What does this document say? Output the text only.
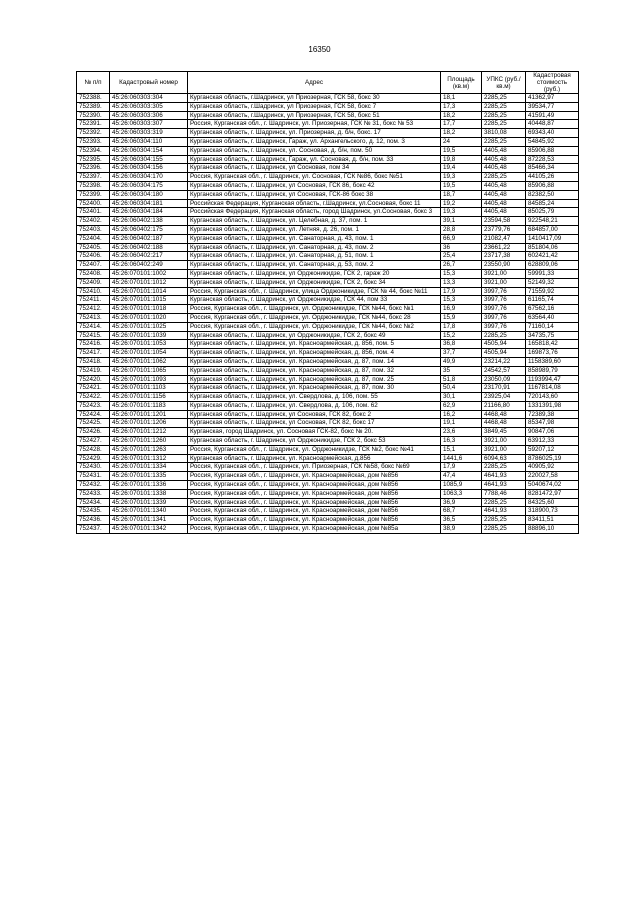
16350
№ п/п	Кадастровый номер	Адрес	Площадь (кв.м)	УПКС (руб./кв.м)	Кадастровая стоимость (руб.)
752388.	45:26:060303:304	Курганская область, г.Шадринск, ул Приозерная, ГСК 58, бокс 30	18,1	2285,25	41362,97
752389.	45:26:060303:305	Курганская область, г.Шадринск, ул Приозерная, ГСК 58, бокс 7	17,3	2285,25	39534,77
752390.	45:26:060303:306	Курганская область, г.Шадринск, ул Приозерная, ГСК 58, бокс 51	18,2	2285,25	41591,49
752391.	45:26:060303:307	Россия, Курганская обл., г. Шадринск, ул. Приозерная, ГСК № 31, бокс № 53	17,7	2285,25	40448,87
752392.	45:26:060303:319	Курганская область, г. Шадринск, ул. Приозерная, д. б/н, бокс. 17	18,2	3810,08	69343,40
752393.	45:26:060304:110	Курганская область, г. Шадринск, Гараж, ул. Архангельского, д. 12, пом. 3	24	2285,25	54845,92
752394.	45:26:060304:154	Курганская область, г. Шадринск, ул. Сосновая, д. б/н, пом. 50	19,5	4405,48	85906,88
752395.	45:26:060304:155	Курганская область, г. Шадринск, Гараж, ул. Сосновая, д. б/н, пом. 33	19,8	4405,48	87228,53
752396.	45:26:060304:156	Курганская область, г. Шадринск, ул Сосновая, пом 34	19,4	4405,48	85466,34
752397.	45:26:060304:170	Россия, Курганская обл., г. Шадринск, ул. Сосновая, ГСК №86, бокс №51	19,3	2285,25	44105,26
752398.	45:26:060304:175	Курганская область, г. Шадринск, ул Сосновая, ГСК 86, бокс 42	19,5	4405,48	85906,88
752399.	45:26:060304:180	Курганская область, г. Шадринск, ул Сосновая, ГСК-86 бокс 38	18,7	4405,48	82382,50
752400.	45:26:060304:181	Российская Федерация, Курганская область, г.Шадринск, ул.Сосновая, бокс 11	19,2	4405,48	84585,24
752401.	45:26:060304:184	Российская Федерация, Курганская область, город Шадринск, ул.Сосновая, бокс 3	19,3	4405,48	85025,79
752402.	45:26:060402:138	Курганская область, г. Шадринск, ул. Целебная, д. 37, пом. 1	39,1	23594,58	922548,21
752403.	45:26:060402:175	Курганская область, г. Шадринск, ул. Летняя, д. 26, пом. 1	28,8	23779,76	684857,00
752404.	45:26:060402:187	Курганская область, г. Шадринск, ул. Санаторная, д. 43, пом. 1	66,9	21082,47	1410417,09
752405.	45:26:060402:188	Курганская область, г. Шадринск, ул. Санаторная, д. 43, пом. 2	36	23661,22	851804,06
752406.	45:26:060402:217	Курганская область, г. Шадринск, ул. Санаторная, д. 51, пом. 1	25,4	23717,38	602421,42
752407.	45:26:060402:249	Курганская область, г. Шадринск, ул. Санаторная, д. 53, пом. 2	26,7	23550,90	628809,06
752408.	45:26:070101:1002	Курганская область, г. Шадринск, ул Орджоникидзе, ГСК 2, гараж 20	15,3	3921,00	59991,33
752409.	45:26:070101:1012	Курганская область, г. Шадринск, ул Орджоникидзе, ГСК 2, бокс 34	13,3	3921,00	52149,32
752410.	45:26:070101:1014	Россия, Курганская обл., г. Шадринск, улица Орджоникидзе, ГСК № 44, бокс №11	17,9	3997,76	71559,92
752411.	45:26:070101:1015	Курганская область, г. Шадринск, ул Орджоникидзе, ГСК 44, пом 33	15,3	3997,76	61165,74
752412.	45:26:070101:1018	Россия, Курганская обл., г. Шадринск, ул. Орджоникидзе, ГСК №44, бокс №1	16,9	3997,76	67562,16
752413.	45:26:070101:1020	Россия, Курганская обл., г. Шадринск, ул. Орджоникидзе, ГСК №44, бокс 28	15,9	3997,76	63564,40
752414.	45:26:070101:1025	Россия, Курганская обл., г. Шадринск, ул. Орджоникидзе, ГСК №44, бокс №2	17,8	3997,76	71160,14
752415.	45:26:070101:1039	Курганская область, г. Шадринск, ул Орджоникидзе, ГСК 2, бокс 49	15,2	2285,25	34735,75
752416.	45:26:070101:1053	Курганская область, г. Шадринск, ул. Красноармейская, д. 856, пом. 5	36,8	4505,94	165818,42
752417.	45:26:070101:1054	Курганская область, г. Шадринск, ул. Красноармейская, д. 856, пом. 4	37,7	4505,94	169873,76
752418.	45:26:070101:1062	Курганская область, г. Шадринск, ул. Красноармейская, д. 87, пом. 14	49,9	23214,22	1158389,60
752419.	45:26:070101:1065	Курганская область, г. Шадринск, ул. Красноармейская, д. 87, пом. 32	35	24542,57	858989,79
752420.	45:26:070101:1093	Курганская область, г. Шадринск, ул. Красноармейская, д. 87, пом. 25	51,8	23050,09	1193994,47
752421.	45:26:070101:1103	Курганская область, г. Шадринск, ул. Красноармейская, д. 87, пом. 30	50,4	23170,91	1167814,08
752422.	45:26:070101:1156	Курганская область, г. Шадринск, ул. Свердлова, д. 106, пом. 55	30,1	23925,04	720143,60
752423.	45:26:070101:1183	Курганская область, г. Шадринск, ул. Свердлова, д. 106, пом. 62	62,9	21166,80	1331391,98
752424.	45:26:070101:1201	Курганская область, г. Шадринск, ул Сосновая, ГСК 82, бокс 2	16,2	4468,48	72389,38
752425.	45:26:070101:1206	Курганская область, г. Шадринск, ул Сосновая, ГСК 82, бокс 17	19,1	4468,48	85347,98
752426.	45:26:070101:1212	Курганская, город Шадринск, ул. Сосновая ГСК-82, бокс № 20.	23,6	3849,45	90847,06
752427.	45:26:070101:1260	Курганская область, г. Шадринск, ул Орджоникидзе, ГСК 2, бокс 53	16,3	3921,00	63912,33
752428.	45:26:070101:1263	Россия, Курганская обл., г. Шадринск, ул. Орджоникидзе, ГСК №2, бокс №41	15,1	3921,00	59207,12
752429.	45:26:070101:1312	Курганская область, г. Шадринск, ул. Красноармейская, д.856	1441,6	6094,63	8786025,19
752430.	45:26:070101:1334	Россия, Курганская обл., г. Шадринск, ул. Приозерная, ГСК №58, бокс №69	17,9	2285,25	40905,92
752431.	45:26:070101:1335	Россия, Курганская обл., г. Шадринск, ул. Красноармейская, дом №856	47,4	4641,93	220027,58
752432.	45:26:070101:1336	Россия, Курганская обл., г. Шадринск, ул. Красноармейская, дом №856	1085,9	4641,93	5040674,02
752433.	45:26:070101:1338	Россия, Курганская обл., г. Шадринск, ул. Красноармейская, дом №856	1063,3	7788,46	8281472,97
752434.	45:26:070101:1339	Россия, Курганская обл., г. Шадринск, ул. Красноармейская, дом №856	36,9	2285,25	84325,60
752435.	45:26:070101:1340	Россия, Курганская обл., г. Шадринск, ул. Красноармейская, дом №856	68,7	4641,93	318900,73
752436.	45:26:070101:1341	Россия, Курганская обл., г. Шадринск, ул. Красноармейская, дом №856	36,5	2285,25	83411,51
752437.	45:26:070101:1342	Россия, Курганская обл., г. Шадринск, ул. Красноармейская, дом №85а	38,9	2285,25	88896,10
